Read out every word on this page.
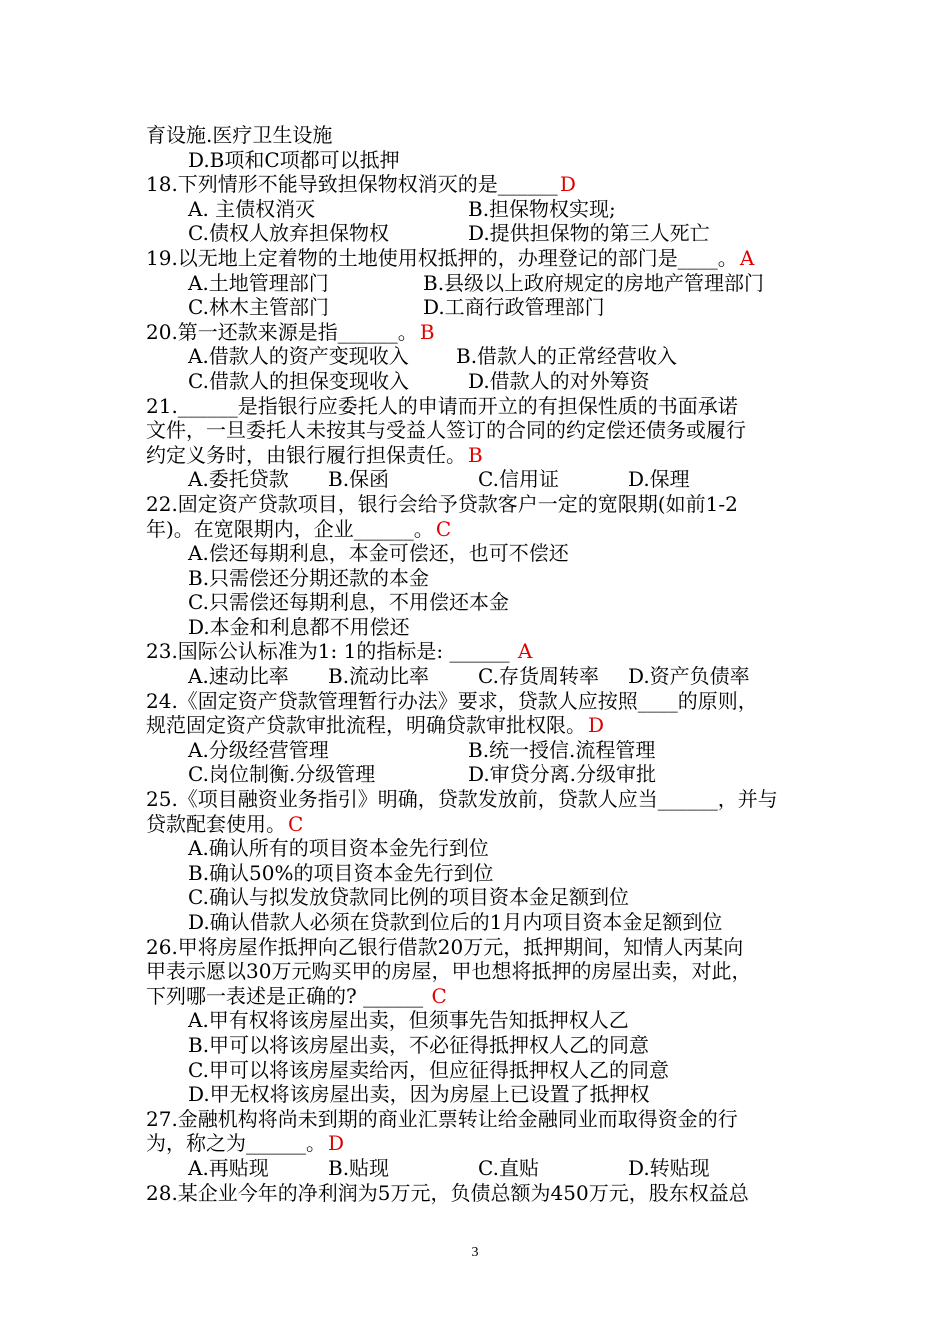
育设施.医疗卫生设施
D.B项和C项都可以抵押
18.下列情形不能导致担保物权消灭的是______ D
A. 主债权消灭	B.担保物权实现;
C.债权人放弃担保物权	D.提供担保物的第三人死亡
19.以无地上定着物的土地使用权抵押的，办理登记的部门是____。 A
A.土地管理部门	B.县级以上政府规定的房地产管理部门
C.林木主管部门	D.工商行政管理部门
20.第一还款来源是指______。 B
A.借款人的资产变现收入 B.借款人的正常经营收入
C.借款人的担保变现收入	D.借款人的对外筹资
21.______是指银行应委托人的申请而开立的有担保性质的书面承诺
文件，一旦委托人未按其与受益人签订的合同的约定偿还债务或履行
约定义务时，由银行履行担保责任。 B
A.委托贷款 B.保函	C.信用证	D.保理
22.固定资产贷款项目，银行会给予贷款客户一定的宽限期(如前1-2
年)。在宽限期内，企业______。 C
A.偿还每期利息，本金可偿还，也可不偿还
B.只需偿还分期还款的本金
C.只需偿还每期利息，不用偿还本金
D.本金和利息都不用偿还
23.国际公认标准为1: 1的指标是: ______ A
A.速动比率 B.流动比率 C.存货周转率 D.资产负债率
24.《固定资产贷款管理暂行办法》要求，贷款人应按照____的原则，
规范固定资产贷款审批流程，明确贷款审批权限。 D
A.分级经营管理	B.统一授信.流程管理
C.岗位制衡.分级管理	D.审贷分离.分级审批
25.《项目融资业务指引》明确，贷款发放前，贷款人应当______，并与
贷款配套使用。 C
A.确认所有的项目资本金先行到位
B.确认50%的项目资本金先行到位
C.确认与拟发放贷款同比例的项目资本金足额到位
D.确认借款人必须在贷款到位后的1月内项目资本金足额到位
26.甲将房屋作抵押向乙银行借款20万元，抵押期间，知情人丙某向
甲表示愿以30万元购买甲的房屋，甲也想将抵押的房屋出卖，对此，
下列哪一表述是正确的? ______ C
A.甲有权将该房屋出卖，但须事先告知抵押权人乙
B.甲可以将该房屋出卖，不必征得抵押权人乙的同意
C.甲可以将该房屋卖给丙，但应征得抵押权人乙的同意
D.甲无权将该房屋出卖，因为房屋上已设置了抵押权
27.金融机构将尚未到期的商业汇票转让给金融同业而取得资金的行
为，称之为______。 D
A.再贴现	B.贴现	C.直贴	D.转贴现
28.某企业今年的净利润为5万元，负债总额为450万元，股东权益总
3
